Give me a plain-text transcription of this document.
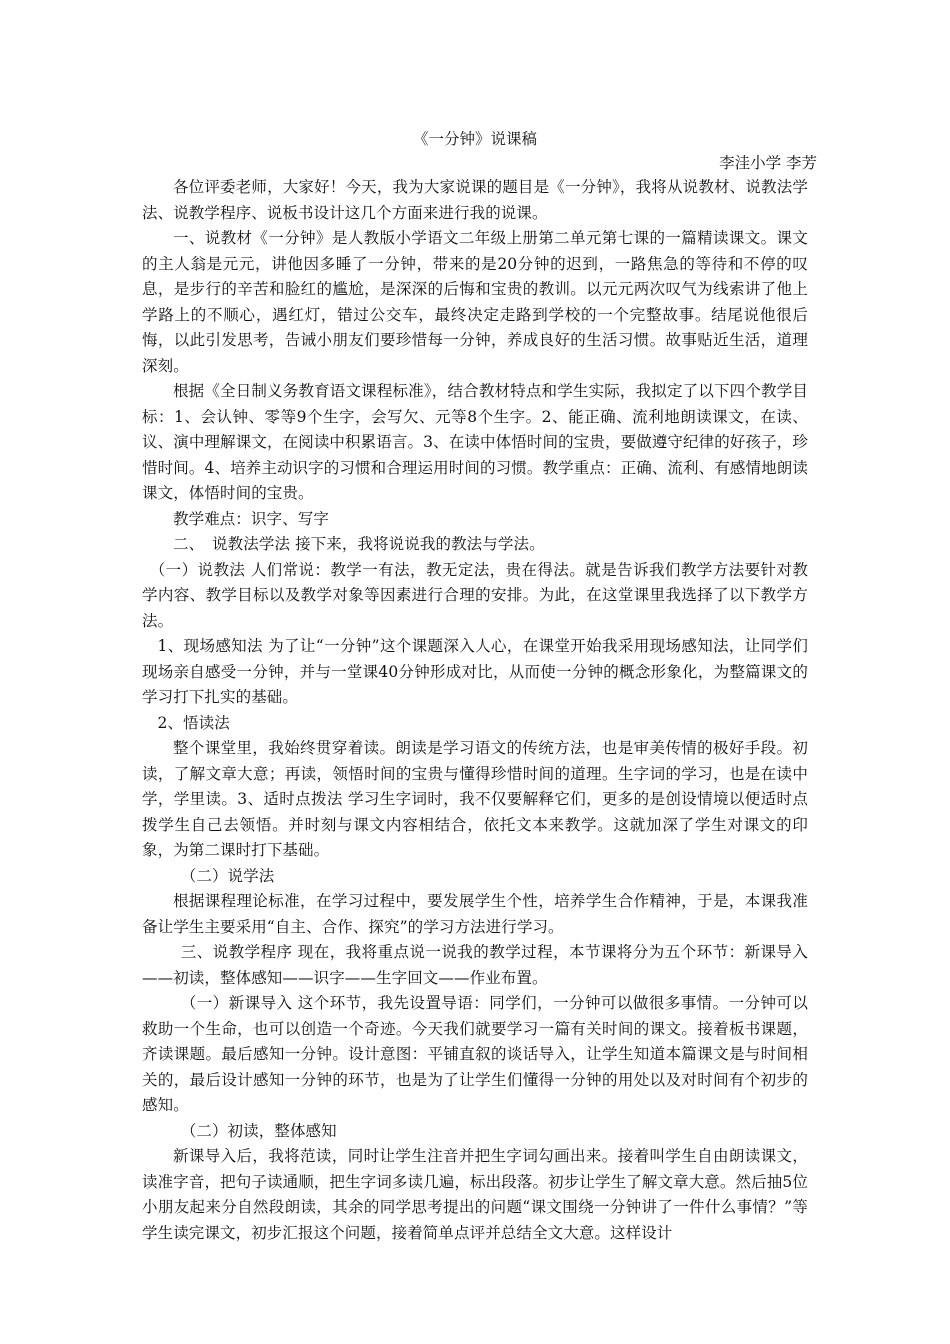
《一分钟》说课稿
李洼小学 李芳

各位评委老师，大家好！今天，我为大家说课的题目是《一分钟》，我将从说教材、说教法学法、说教学程序、说板书设计这几个方面来进行我的说课。

一、说教材《一分钟》是人教版小学语文二年级上册第二单元第七课的一篇精读课文。课文的主人翁是元元，讲他因多睡了一分钟，带来的是20分钟的迟到，一路焦急的等待和不停的叹息，是步行的辛苦和脸红的尴尬，是深深的后悔和宝贵的教训。以元元两次叹气为线索讲了他上学路上的不顺心，遇红灯，错过公交车，最终决定走路到学校的一个完整故事。结尾说他很后悔，以此引发思考，告诫小朋友们要珍惜每一分钟，养成良好的生活习惯。故事贴近生活，道理深刻。

根据《全日制义务教育语文课程标准》，结合教材特点和学生实际，我拟定了以下四个教学目标：1、会认钟、零等9个生字，会写欠、元等8个生字。2、能正确、流利地朗读课文，在读、议、演中理解课文，在阅读中积累语言。3、在读中体悟时间的宝贵，要做遵守纪律的好孩子，珍惜时间。4、培养主动识字的习惯和合理运用时间的习惯。教学重点：正确、流利、有感情地朗读课文，体悟时间的宝贵。

教学难点：识字、写字

二、　说教法学法 接下来，我将说说我的教法与学法。

（一）说教法 人们常说：教学一有法，教无定法，贵在得法。就是告诉我们教学方法要针对教学内容、教学目标以及教学对象等因素进行合理的安排。为此，在这堂课里我选择了以下教学方法。

1、现场感知法 为了让“一分钟”这个课题深入人心，在课堂开始我采用现场感知法，让同学们现场亲自感受一分钟，并与一堂课40分钟形成对比，从而使一分钟的概念形象化，为整篇课文的学习打下扎实的基础。

2、悟读法

整个课堂里，我始终贯穿着读。朗读是学习语文的传统方法，也是审美传情的极好手段。初读，了解文章大意；再读，领悟时间的宝贵与懂得珍惜时间的道理。生字词的学习，也是在读中学，学里读。3、适时点拨法 学习生字词时，我不仅要解释它们，更多的是创设情境以便适时点拨学生自己去领悟。并时刻与课文内容相结合，依托文本来教学。这就加深了学生对课文的印象，为第二课时打下基础。

（二）说学法

根据课程理论标准，在学习过程中，要发展学生个性，培养学生合作精神，于是，本课我准备让学生主要采用“自主、合作、探究”的学习方法进行学习。

三、说教学程序 现在，我将重点说一说我的教学过程，本节课将分为五个环节：新课导入——初读，整体感知——识字——生字回文——作业布置。

（一）新课导入 这个环节，我先设置导语：同学们，一分钟可以做很多事情。一分钟可以救助一个生命，也可以创造一个奇迹。今天我们就要学习一篇有关时间的课文。接着板书课题，齐读课题。最后感知一分钟。设计意图：平铺直叙的谈话导入，让学生知道本篇课文是与时间相关的，最后设计感知一分钟的环节，也是为了让学生们懂得一分钟的用处以及对时间有个初步的感知。

（二）初读，整体感知

新课导入后，我将范读，同时让学生注音并把生字词勾画出来。接着叫学生自由朗读课文，读准字音，把句子读通顺，把生字词多读几遍，标出段落。初步让学生了解文章大意。然后抽5位小朋友起来分自然段朗读，其余的同学思考提出的问题“课文围绕一分钟讲了一件什么事情？”等学生读完课文，初步汇报这个问题，接着简单点评并总结全文大意。这样设计
